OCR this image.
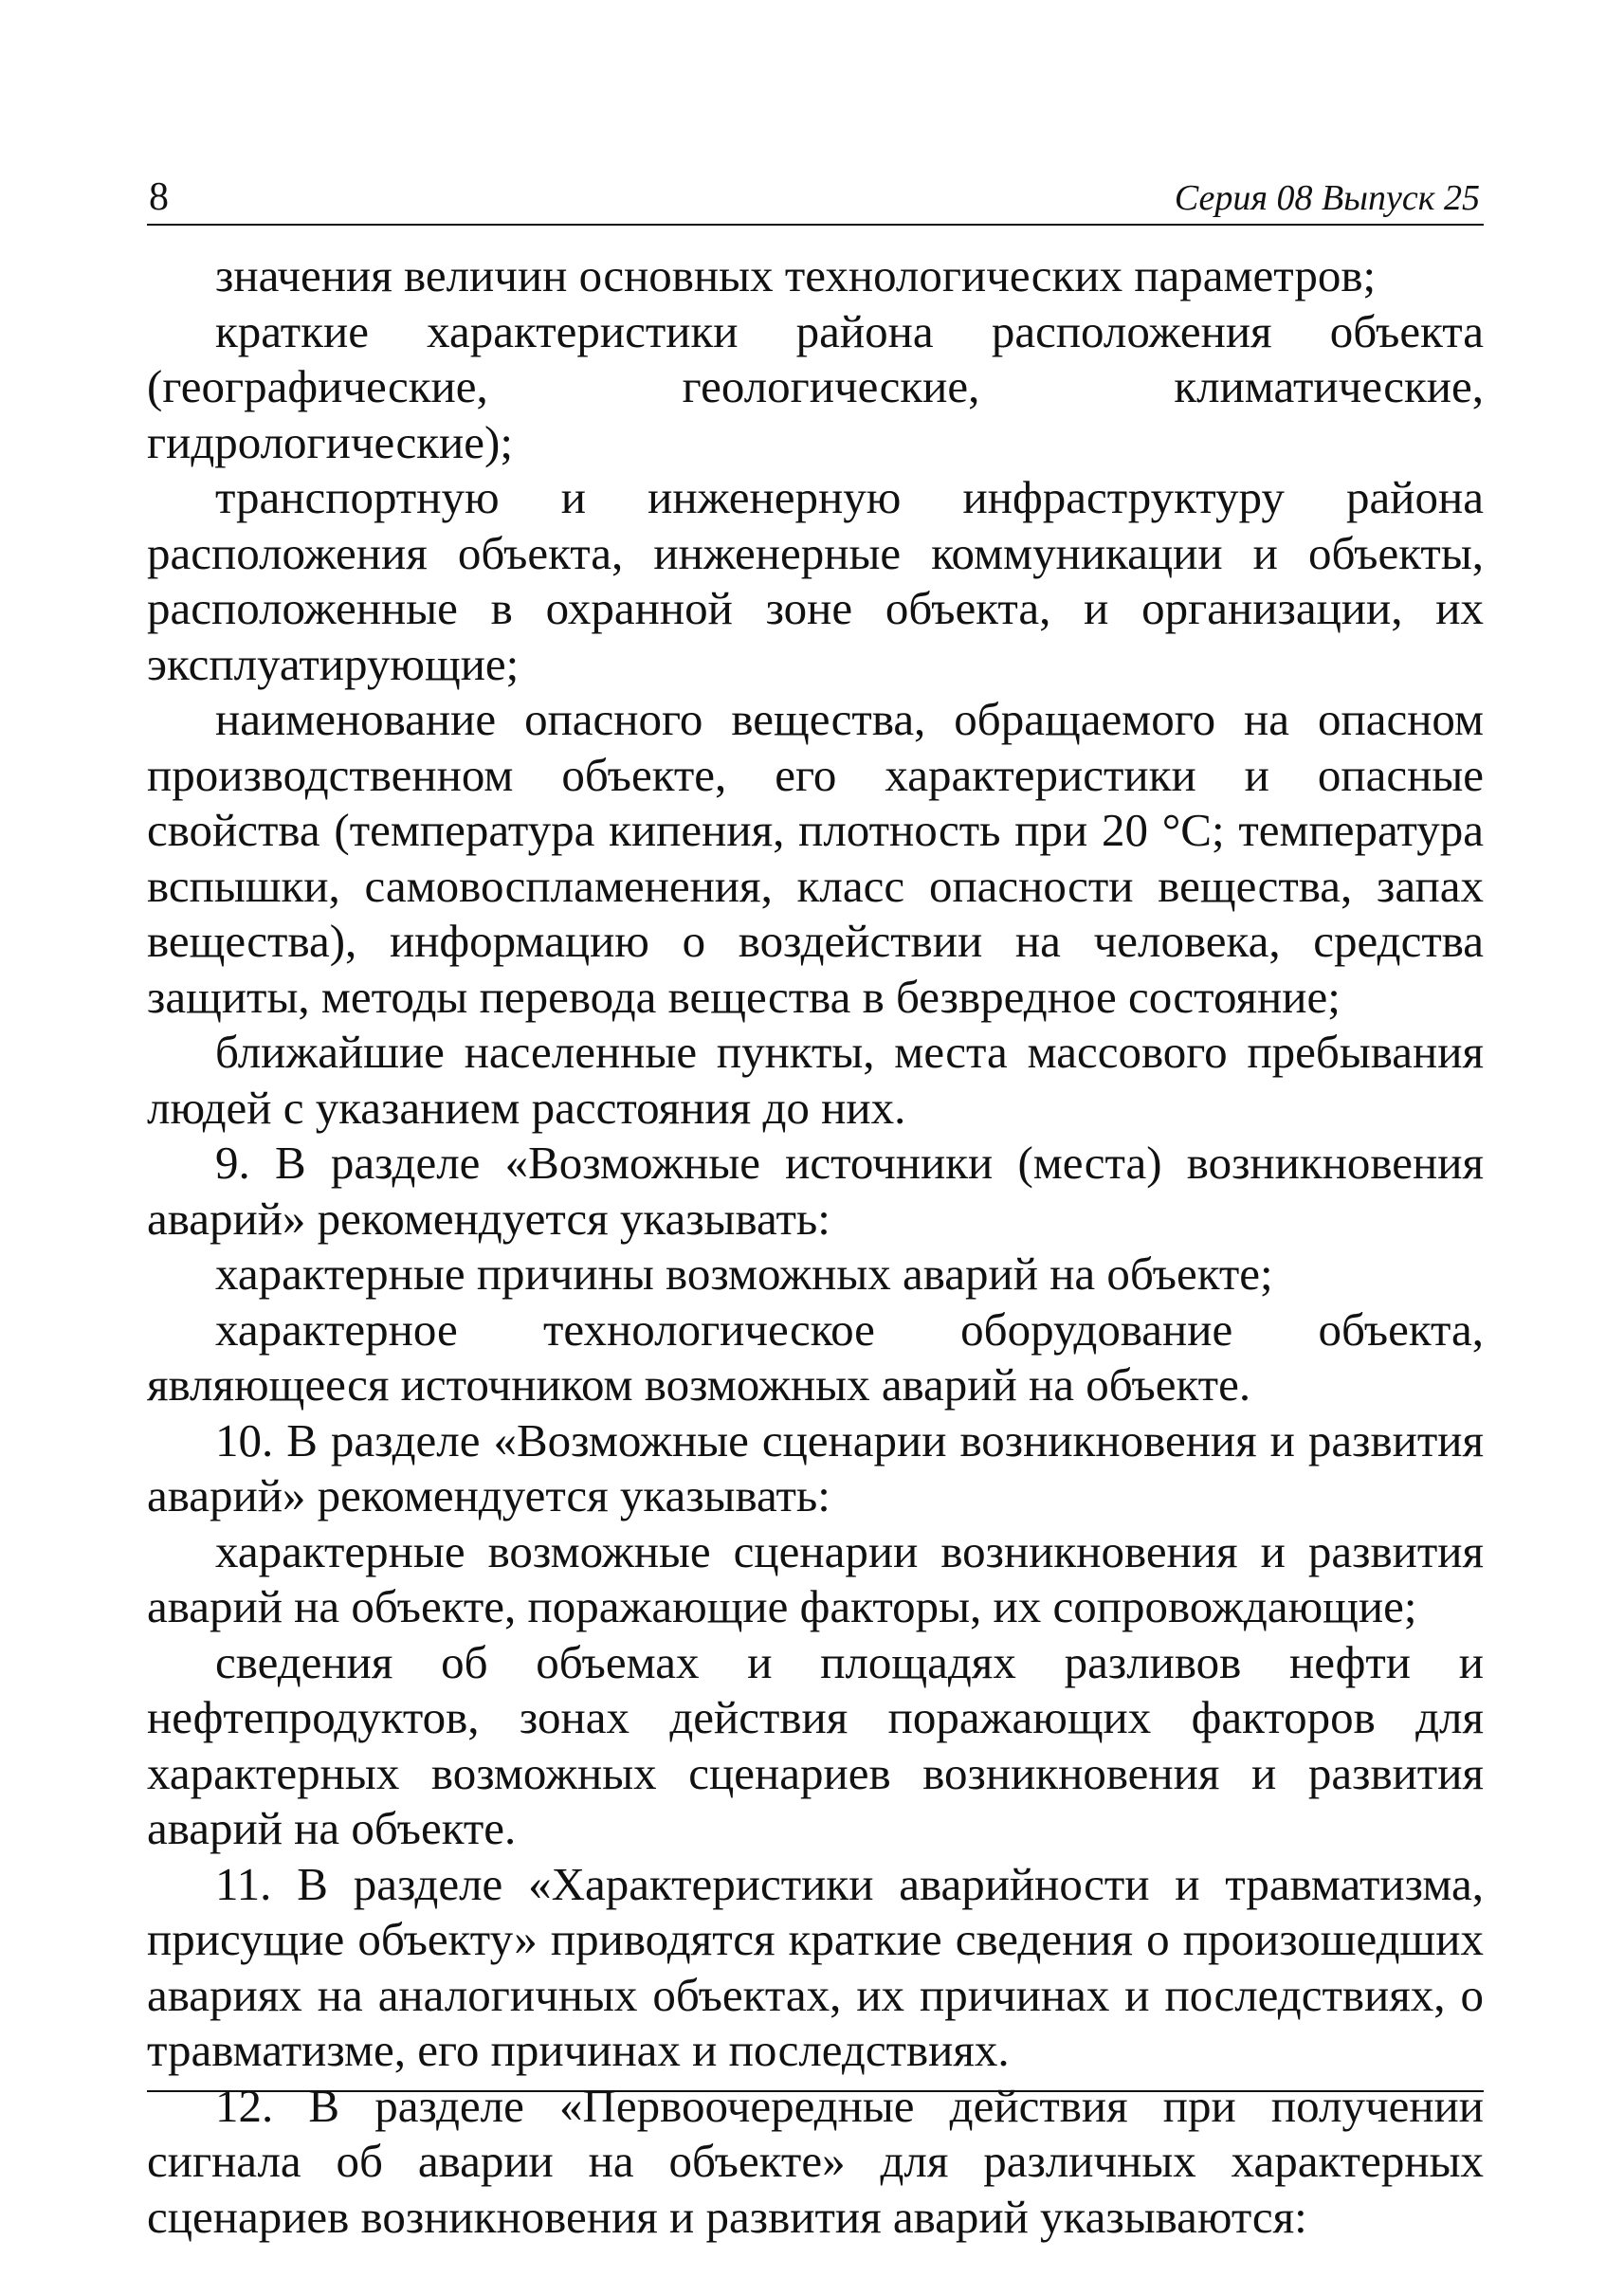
8	Серия 08 Выпуск 25

значения величин основных технологических параметров;

краткие характеристики района расположения объекта (географические, геологические, климатические, гидрологические);

транспортную и инженерную инфраструктуру района расположения объекта, инженерные коммуникации и объекты, расположенные в охранной зоне объекта, и организации, их эксплуатирующие;

наименование опасного вещества, обращаемого на опасном производственном объекте, его характеристики и опасные свойства (температура кипения, плотность при 20 °С; температура вспышки, самовоспламенения, класс опасности вещества, запах вещества), информацию о воздействии на человека, средства защиты, методы перевода вещества в безвредное состояние;

ближайшие населенные пункты, места массового пребывания людей с указанием расстояния до них.

9. В разделе «Возможные источники (места) возникновения аварий» рекомендуется указывать:

характерные причины возможных аварий на объекте;

характерное технологическое оборудование объекта, являющееся источником возможных аварий на объекте.

10. В разделе «Возможные сценарии возникновения и развития аварий» рекомендуется указывать:

характерные возможные сценарии возникновения и развития аварий на объекте, поражающие факторы, их сопровождающие;

сведения об объемах и площадях разливов нефти и нефтепродуктов, зонах действия поражающих факторов для характерных возможных сценариев возникновения и развития аварий на объекте.

11. В разделе «Характеристики аварийности и травматизма, присущие объекту» приводятся краткие сведения о произошедших авариях на аналогичных объектах, их причинах и последствиях, о травматизме, его причинах и последствиях.

12. В разделе «Первоочередные действия при получении сигнала об аварии на объекте» для различных характерных сценариев возникновения и развития аварий указываются:
